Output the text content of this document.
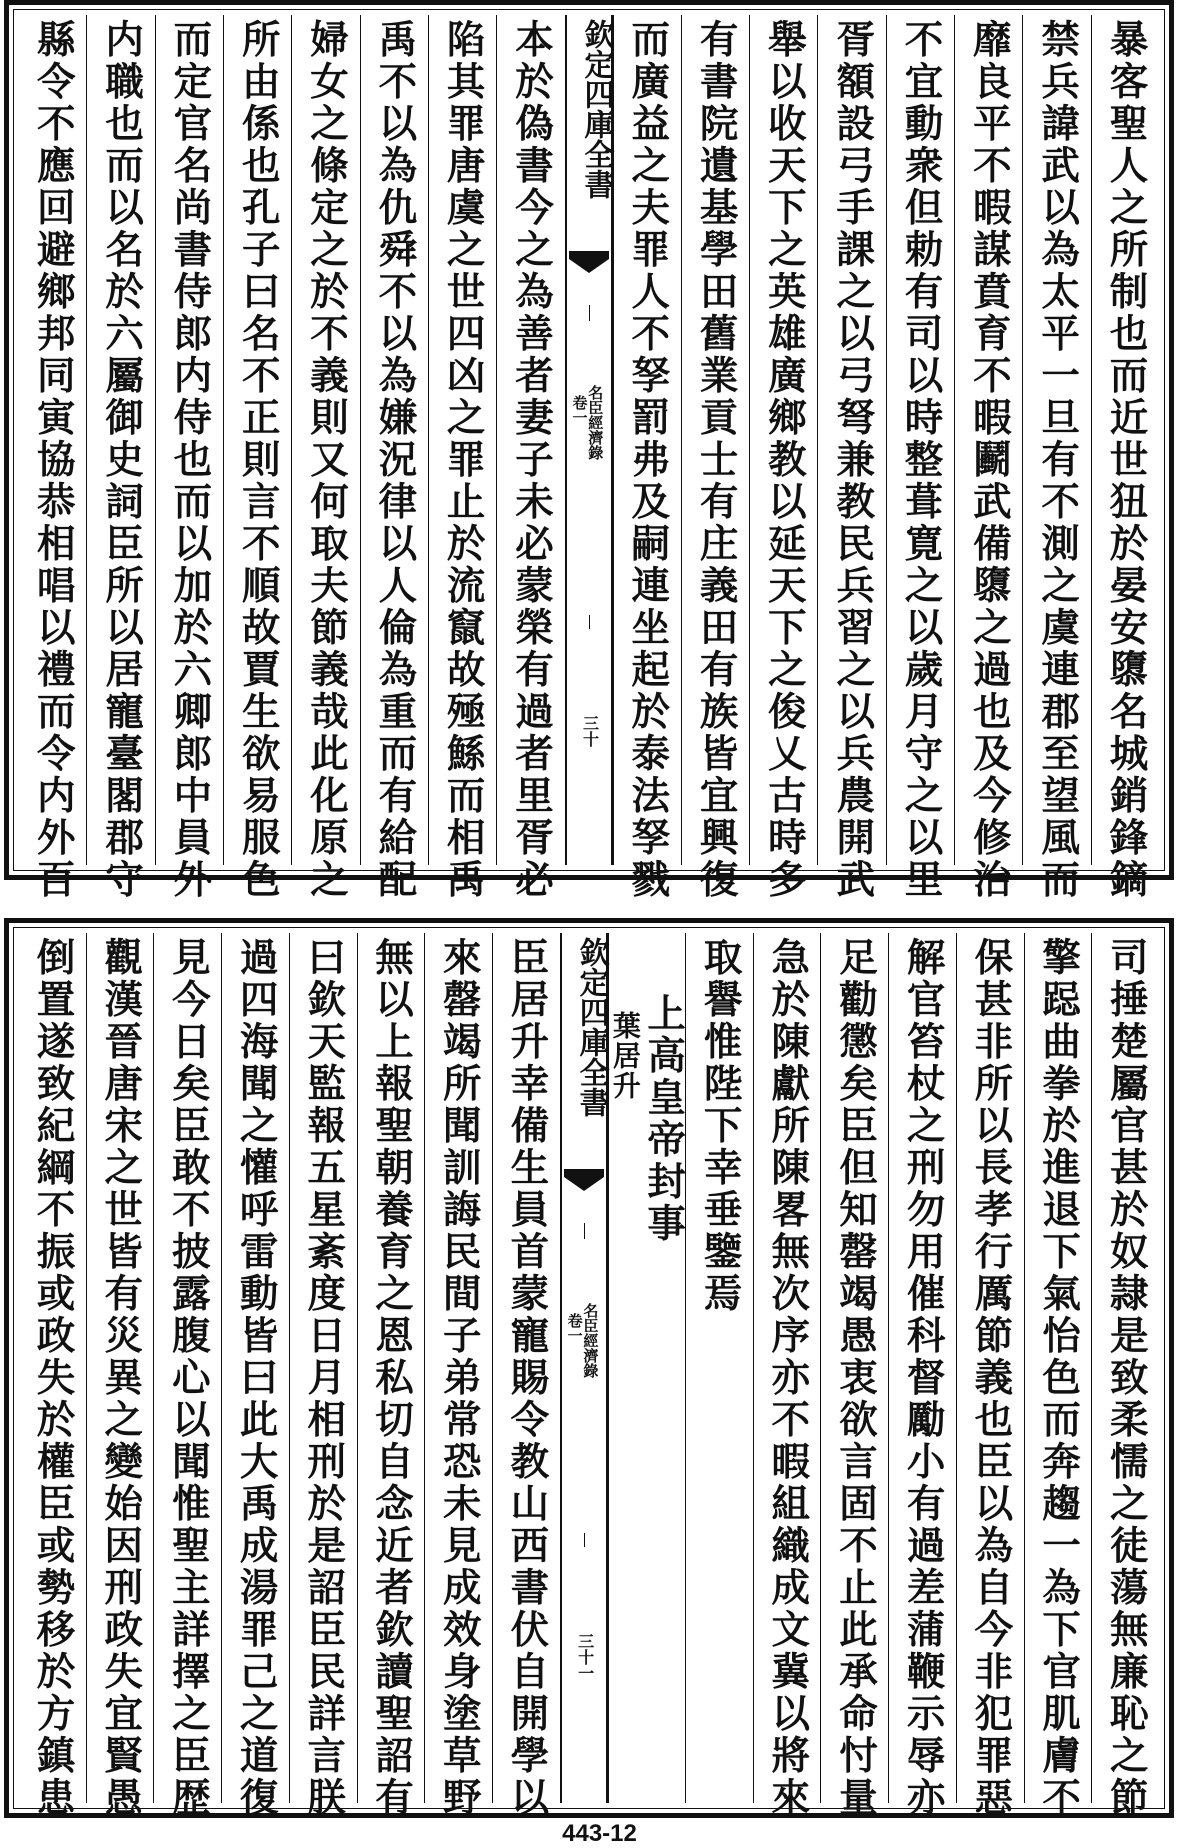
暴客聖人之所制也而近世狃於晏安隳名城銷鋒鏑
禁兵諱武以為太平一旦有不測之虞連郡至望風而
靡良平不暇謀賁育不暇鬬武備隳之過也及今修治
不宜動衆但勅有司以時整葺寛之以歲月守之以里
胥額設弓手課之以弓弩兼教民兵習之以兵農開武
舉以收天下之英雄廣鄉教以延天下之俊乂古時多
有書院遺基學田舊業貢士有庄義田有族皆宜興復
而廣益之夫罪人不孥罰弗及嗣連坐起於泰法孥戮
欽定四庫全書
名臣經濟錄
卷一
三十
本於偽書今之為善者妻子未必蒙榮有過者里胥必
陷其罪唐虞之世四凶之罪止於流竄故殛鯀而相禹
禹不以為仇舜不以為嫌況律以人倫為重而有給配
婦女之條定之於不義則又何取夫節義哉此化原之
所由係也孔子曰名不正則言不順故賈生欲易服色
而定官名尚書侍郎内侍也而以加於六卿郎中員外
内職也而以名於六屬御史詞臣所以居寵臺閣郡守
縣令不應回避鄉邦同寅協恭相唱以禮而令内外百
司捶楚屬官甚於奴隷是致柔懦之徒蕩無廉恥之節
擎跽曲拳於進退下氣怡色而奔趨一為下官肌膚不
保甚非所以長孝行厲節義也臣以為自今非犯罪惡
解官笞杖之刑勿用催科督勵小有過差蒲鞭示辱亦
足勸懲矣臣但知罄竭愚衷欲言固不止此承命忖量
急於陳獻所陳畧無次序亦不暇組織成文冀以將來
取譽惟陛下幸垂鑒焉
上高皇帝封事
葉居升
欽定四庫全書
名臣經濟錄
卷一
三十一
臣居升幸備生員首蒙寵賜令教山西書伏自開學以
來罄竭所聞訓誨民間子弟常恐未見成效身塗草野
無以上報聖朝養育之恩私切自念近者欽讀聖詔有
曰欽天監報五星紊度日月相刑於是詔臣民詳言朕
過四海聞之懽呼雷動皆曰此大禹成湯罪己之道復
見今日矣臣敢不披露腹心以聞惟聖主詳擇之臣歴
觀漢晉唐宋之世皆有災異之變始因刑政失宜賢愚
倒置遂致紀綱不振或政失於權臣或勢移於方鎮患
443-12
